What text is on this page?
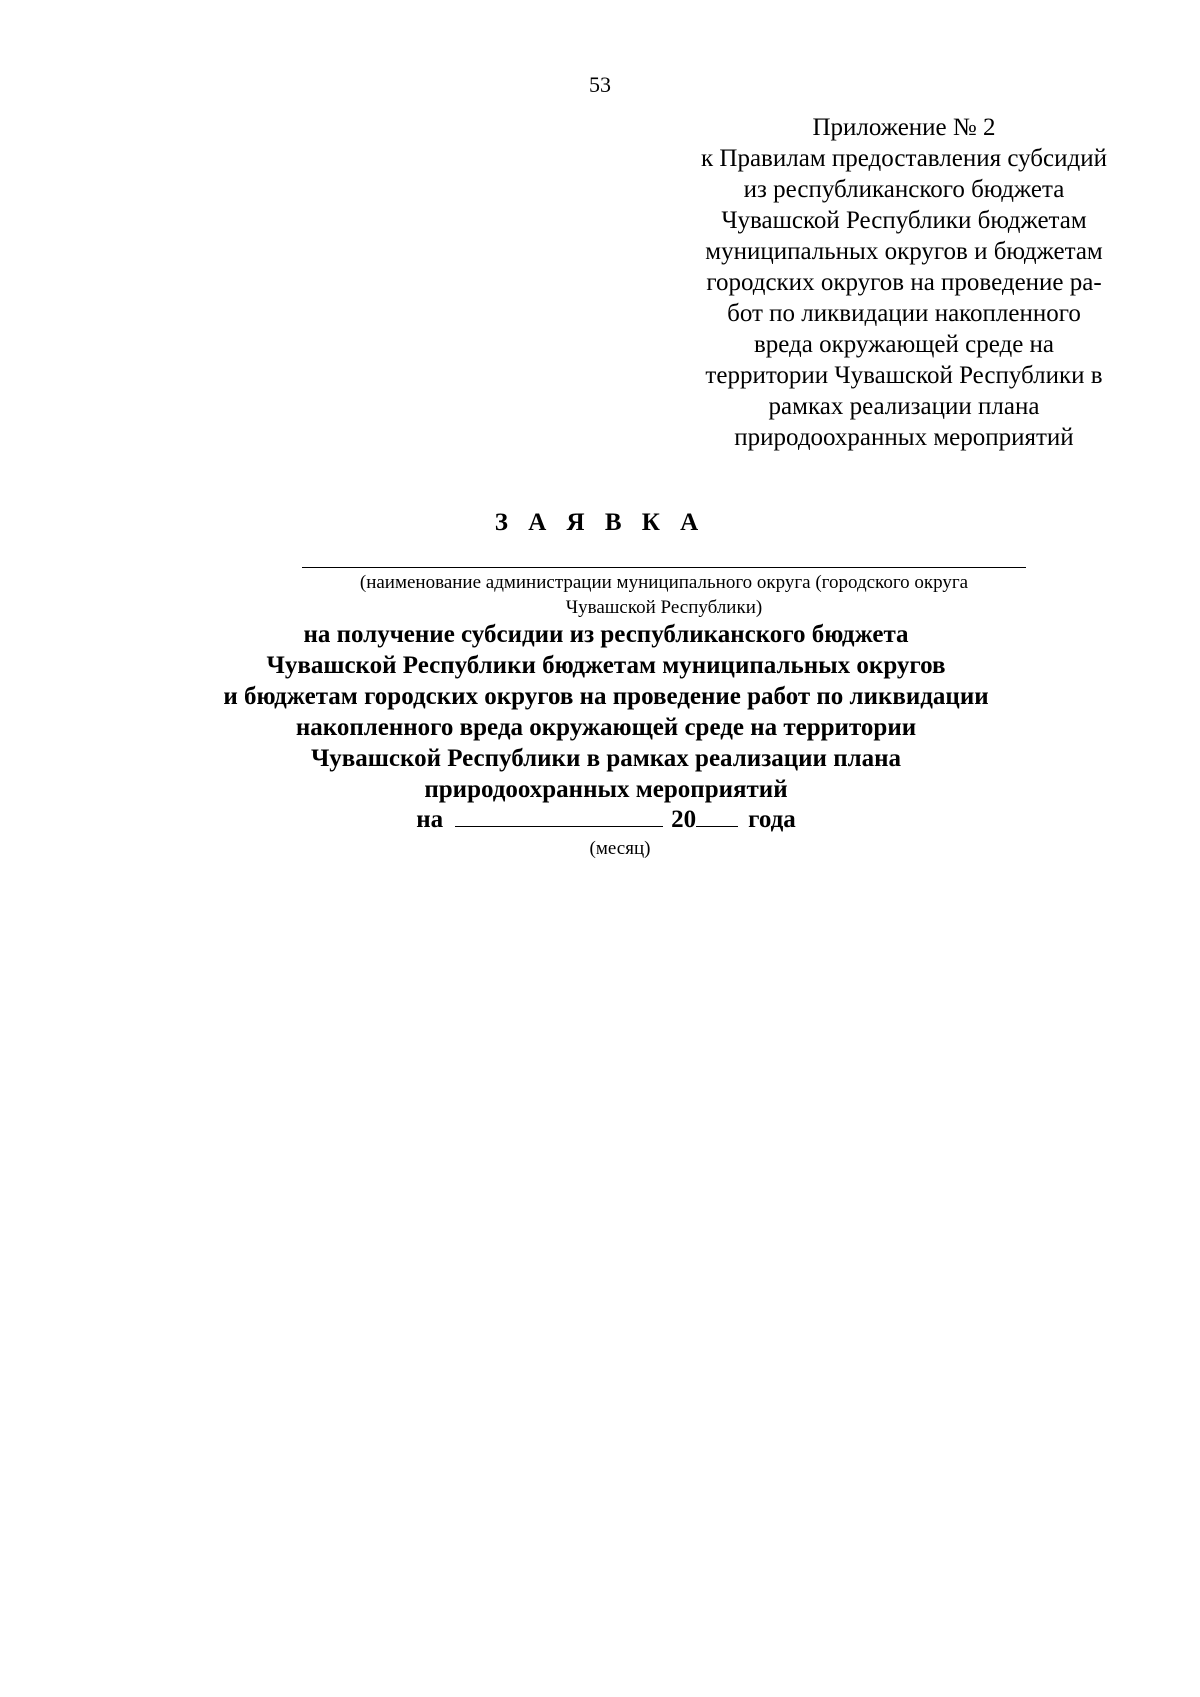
53
Приложение № 2
к Правилам предоставления субсидий
из республиканского бюджета
Чувашской Республики бюджетам
муниципальных округов и бюджетам
городских округов на проведение ра-
бот по ликвидации накопленного
вреда окружающей среде на
территории Чувашской Республики в
рамках реализации плана
природоохранных мероприятий
З А Я В К А
(наименование администрации муниципального округа (городского округа
Чувашской Республики)
на получение субсидии из республиканского бюджета
Чувашской Республики бюджетам муниципальных округов
и бюджетам городских округов на проведение работ по ликвидации
накопленного вреда окружающей среде на территории
Чувашской Республики в рамках реализации плана
природоохранных мероприятий
на	20 года
(месяц)
